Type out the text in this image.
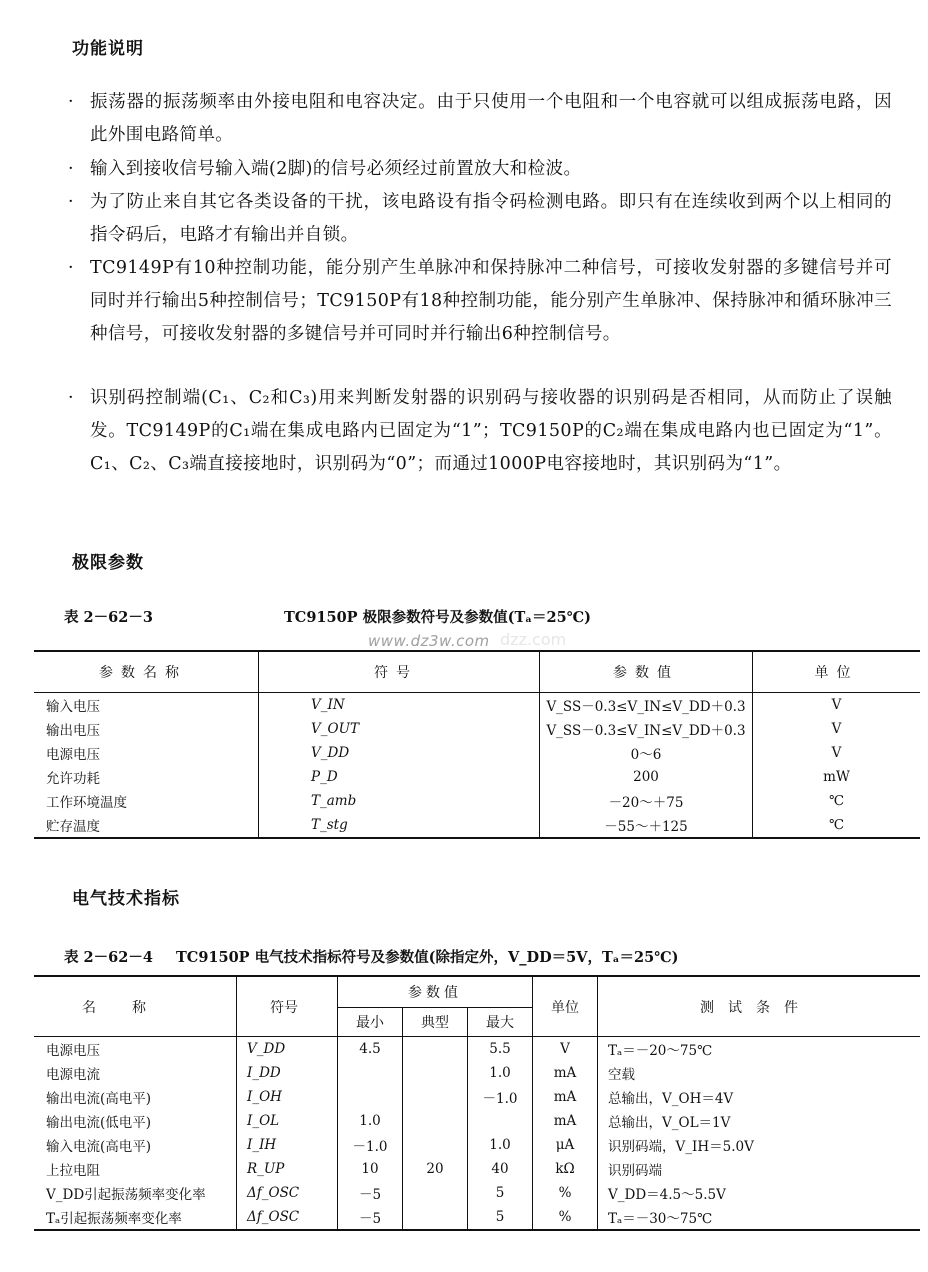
功能说明
· 振荡器的振荡频率由外接电阻和电容决定。由于只使用一个电阻和一个电容就可以组成振荡电路，因此外围电路简单。
· 输入到接收信号输入端(2脚)的信号必须经过前置放大和检波。
· 为了防止来自其它各类设备的干扰，该电路设有指令码检测电路。即只有在连续收到两个以上相同的指令码后，电路才有输出并自锁。
· TC9149P有10种控制功能，能分别产生单脉冲和保持脉冲二种信号，可接收发射器的多键信号并可同时并行输出5种控制信号；TC9150P有18种控制功能，能分别产生单脉冲、保持脉冲和循环脉冲三种信号，可接收发射器的多键信号并可同时并行输出6种控制信号。
· 识别码控制端(C₁、C₂和C₃)用来判断发射器的识别码与接收器的识别码是否相同，从而防止了误触发。TC9149P的C₁端在集成电路内已固定为“1”；TC9150P的C₂端在集成电路内也已固定为“1”。C₁、C₂、C₃端直接接地时，识别码为“0”；而通过1000P电容接地时，其识别码为“1”。
极限参数
表 2－62－3	TC9150P 极限参数符号及参数值(Tₐ＝25℃)
www.dz3w.com dzz.com
参数名称	符号	参数值	单位
输入电压	V_IN	V_SS－0.3≤V_IN≤V_DD＋0.3	V
输出电压	V_OUT	V_SS－0.3≤V_IN≤V_DD＋0.3	V
电源电压	V_DD	0～6	V
允许功耗	P_D	200	mW
工作环境温度	T_amb	－20～＋75	℃
贮存温度	T_stg	－55～＋125	℃
电气技术指标
表 2－62－4 TC9150P 电气技术指标符号及参数值(除指定外，V_DD＝5V，Tₐ＝25℃)
名称	符号	参数值			单位	测试条件
		最小	典型	最大		
电源电压	V_DD	4.5		5.5	V	Tₐ＝－20～75℃
电源电流	I_DD			1.0	mA	空载
输出电流(高电平)	I_OH			－1.0	mA	总输出，V_OH＝4V
输出电流(低电平)	I_OL	1.0			mA	总输出，V_OL＝1V
输入电流(高电平)	I_IH	－1.0		1.0	μA	识别码端，V_IH＝5.0V
上拉电阻	R_UP	10	20	40	kΩ	识别码端
V_DD引起振荡频率变化率	Δf_OSC	－5		5	%	V_DD＝4.5～5.5V
Tₐ引起振荡频率变化率	Δf_OSC	－5		5	%	Tₐ＝－30～75℃
